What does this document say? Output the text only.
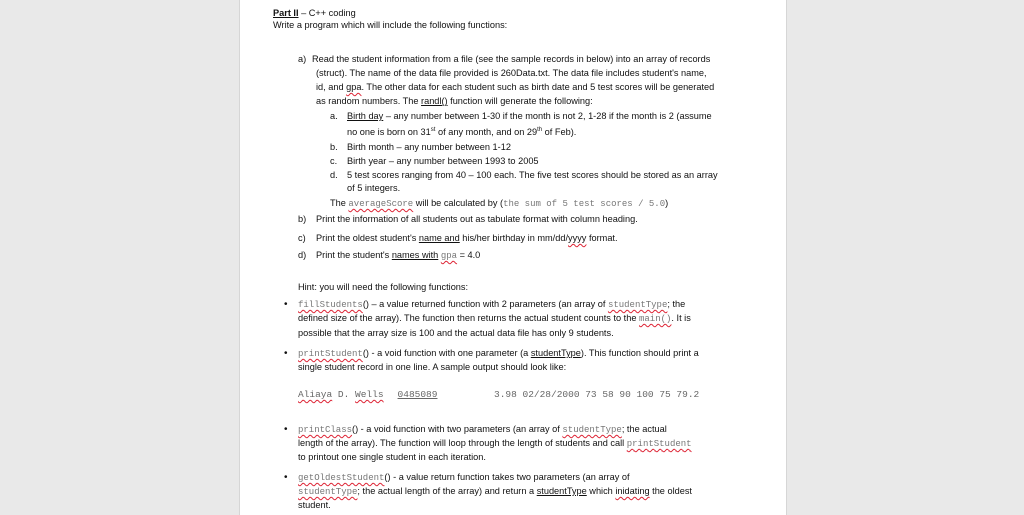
Part II – C++ coding
Write a program which will include the following functions:
a) Read the student information from a file (see the sample records in below) into an array of records
(struct). The name of the data file provided is 260Data.txt. The data file includes student's name,
id, and gpa. The other data for each student such as birth date and 5 test scores will be generated
as random numbers. The randl() function will generate the following:
a. Birth day – any number between 1-30 if the month is not 2, 1-28 if the month is 2 (assume
no one is born on 31st of any month, and on 29th of Feb).
b. Birth month – any number between 1-12
c. Birth year – any number between 1993 to 2005
d. 5 test scores ranging from 40 – 100 each. The five test scores should be stored as an array
of 5 integers.
The averageScore will be calculated by (the sum of 5 test scores / 5.0)
b) Print the information of all students out as tabulate format with column heading.
c) Print the oldest student's name and his/her birthday in mm/dd/yyyy format.
d) Print the student's names with gpa = 4.0
Hint: you will need the following functions:
• fillStudents() – a value returned function with 2 parameters (an array of studentType; the
defined size of the array). The function then returns the actual student counts to the main(). It is
possible that the array size is 100 and the actual data file has only 9 students.
• printStudent() - a void function with one parameter (a studentType). This function should print a
single student record in one line. A sample output should look like:
Aliaya D. Wells 0485089	3.98 02/28/2000 73 58 90 100 75 79.2
• printClass() - a void function with two parameters (an array of studentType; the actual
length of the array). The function will loop through the length of students and call printStudent
to printout one single student in each iteration.
• getOldestStudent() - a value return function takes two parameters (an array of
studentType; the actual length of the array) and return a studentType which inidating the oldest
student.
